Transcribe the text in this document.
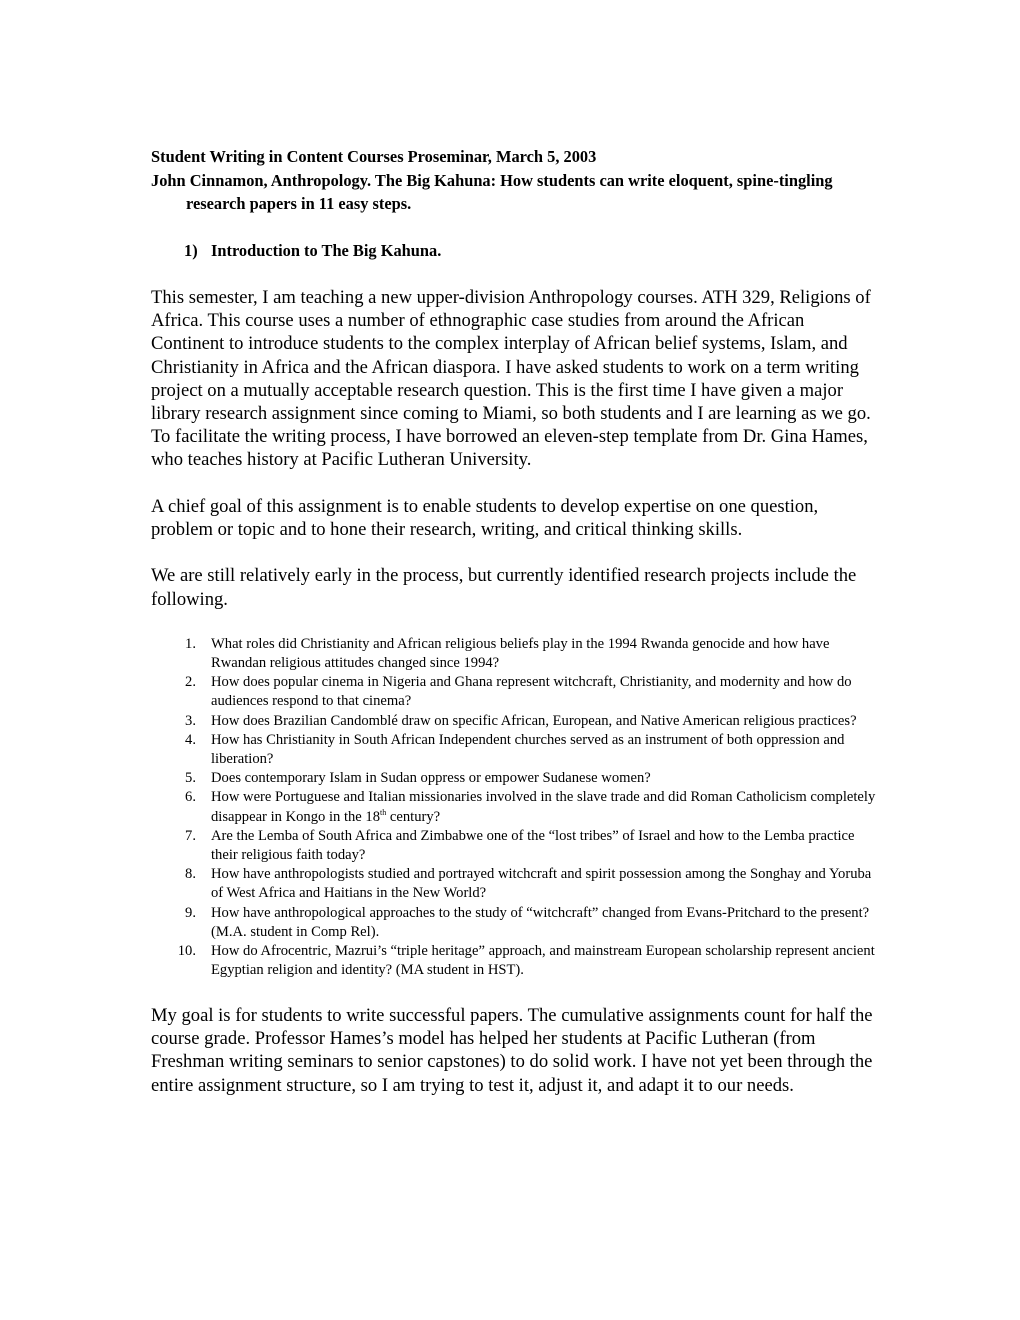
Student Writing in Content Courses Proseminar, March 5, 2003

John Cinnamon, Anthropology. The Big Kahuna: How students can write eloquent, spine-tingling research papers in 11 easy steps.

1) Introduction to The Big Kahuna.

This semester, I am teaching a new upper-division Anthropology courses. ATH 329, Religions of Africa. This course uses a number of ethnographic case studies from around the African Continent to introduce students to the complex interplay of African belief systems, Islam, and Christianity in Africa and the African diaspora. I have asked students to work on a term writing project on a mutually acceptable research question. This is the first time I have given a major library research assignment since coming to Miami, so both students and I are learning as we go. To facilitate the writing process, I have borrowed an eleven-step template from Dr. Gina Hames, who teaches history at Pacific Lutheran University.

A chief goal of this assignment is to enable students to develop expertise on one question, problem or topic and to hone their research, writing, and critical thinking skills.

We are still relatively early in the process, but currently identified research projects include the following.

1. What roles did Christianity and African religious beliefs play in the 1994 Rwanda genocide and how have Rwandan religious attitudes changed since 1994?
2. How does popular cinema in Nigeria and Ghana represent witchcraft, Christianity, and modernity and how do audiences respond to that cinema?
3. How does Brazilian Candomblé draw on specific African, European, and Native American religious practices?
4. How has Christianity in South African Independent churches served as an instrument of both oppression and liberation?
5. Does contemporary Islam in Sudan oppress or empower Sudanese women?
6. How were Portuguese and Italian missionaries involved in the slave trade and did Roman Catholicism completely disappear in Kongo in the 18th century?
7. Are the Lemba of South Africa and Zimbabwe one of the “lost tribes” of Israel and how to the Lemba practice their religious faith today?
8. How have anthropologists studied and portrayed witchcraft and spirit possession among the Songhay and Yoruba of West Africa and Haitians in the New World?
9. How have anthropological approaches to the study of “witchcraft” changed from Evans-Pritchard to the present? (M.A. student in Comp Rel).
10. How do Afrocentric, Mazrui’s “triple heritage” approach, and mainstream European scholarship represent ancient Egyptian religion and identity? (MA student in HST).

My goal is for students to write successful papers. The cumulative assignments count for half the course grade. Professor Hames’s model has helped her students at Pacific Lutheran (from Freshman writing seminars to senior capstones) to do solid work. I have not yet been through the entire assignment structure, so I am trying to test it, adjust it, and adapt it to our needs.
